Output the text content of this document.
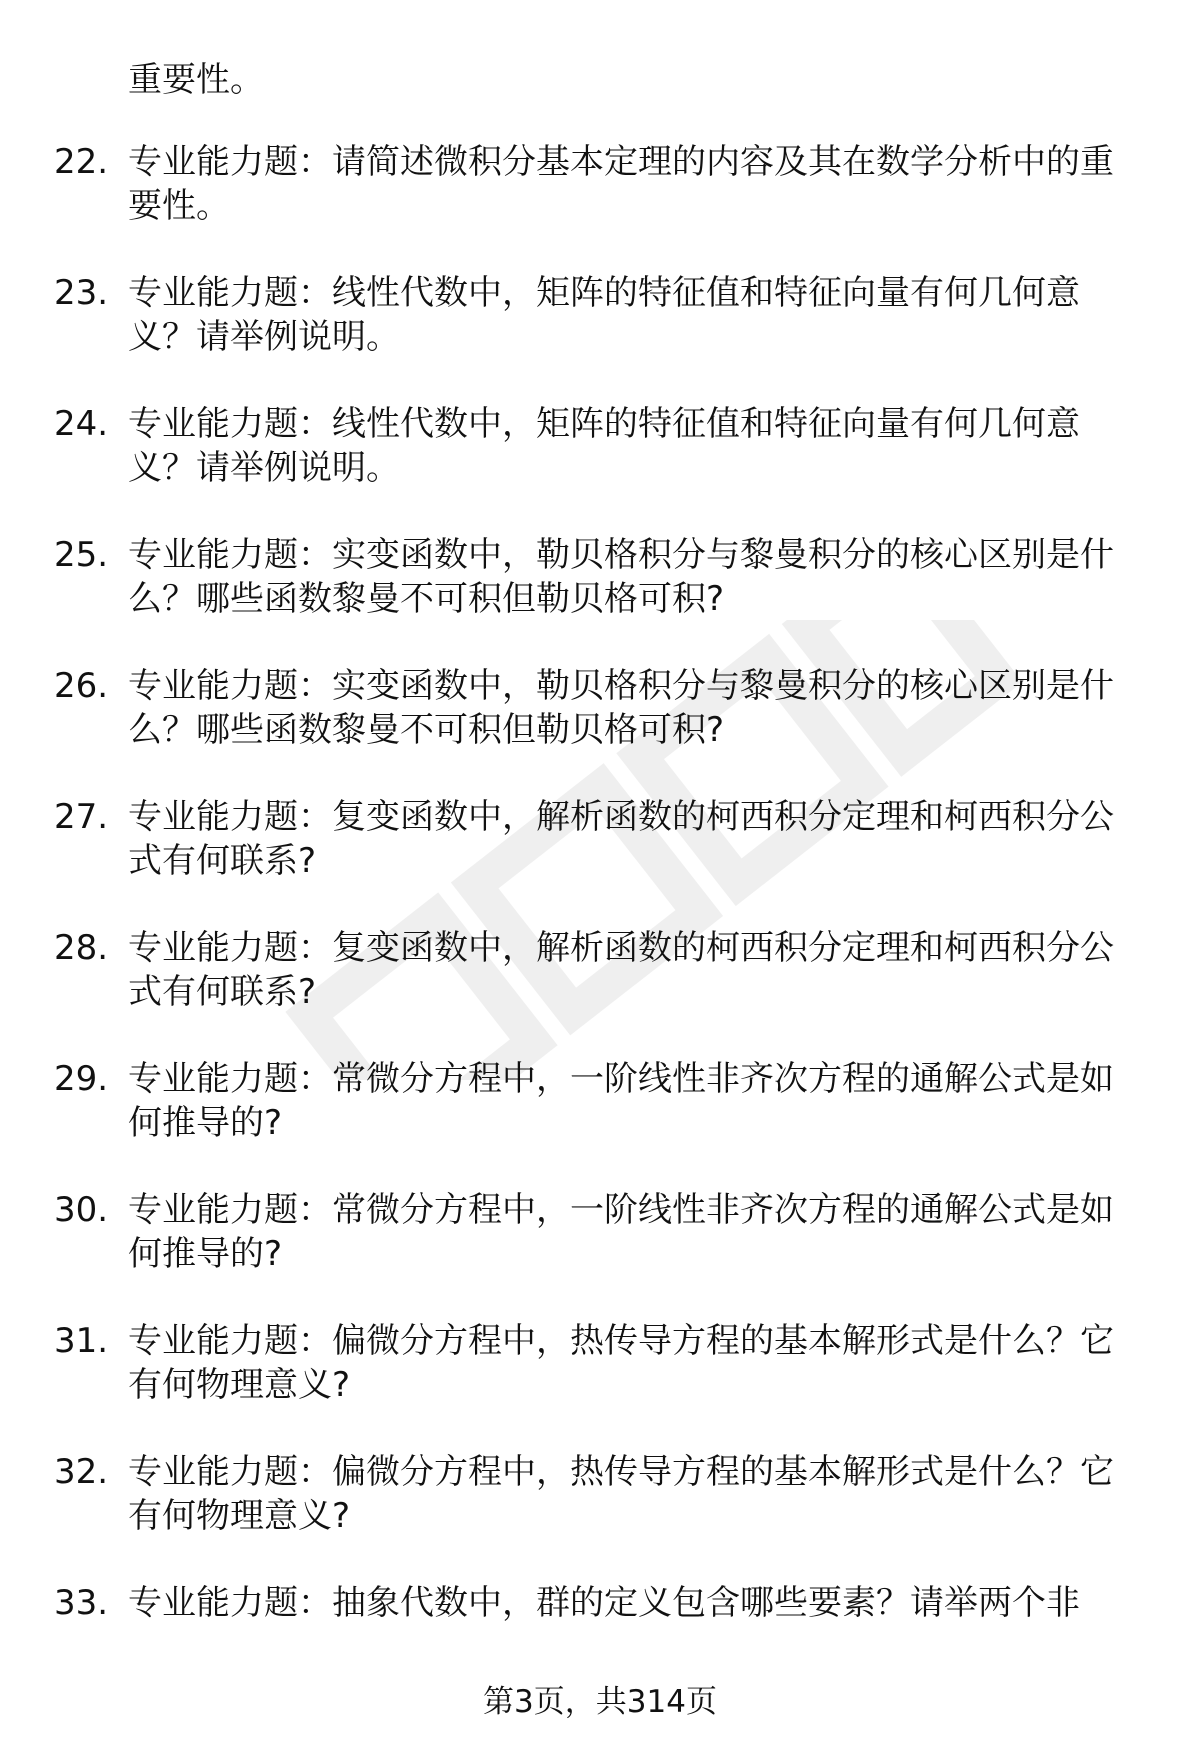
重要性。
22. 专业能力题：请简述微积分基本定理的内容及其在数学分析中的重要性。
23. 专业能力题：线性代数中，矩阵的特征值和特征向量有何几何意义？请举例说明。
24. 专业能力题：线性代数中，矩阵的特征值和特征向量有何几何意义？请举例说明。
25. 专业能力题：实变函数中，勒贝格积分与黎曼积分的核心区别是什么？哪些函数黎曼不可积但勒贝格可积?
26. 专业能力题：实变函数中，勒贝格积分与黎曼积分的核心区别是什么？哪些函数黎曼不可积但勒贝格可积?
27. 专业能力题：复变函数中，解析函数的柯西积分定理和柯西积分公式有何联系?
28. 专业能力题：复变函数中，解析函数的柯西积分定理和柯西积分公式有何联系?
29. 专业能力题：常微分方程中，一阶线性非齐次方程的通解公式是如何推导的?
30. 专业能力题：常微分方程中，一阶线性非齐次方程的通解公式是如何推导的?
31. 专业能力题：偏微分方程中，热传导方程的基本解形式是什么？它有何物理意义?
32. 专业能力题：偏微分方程中，热传导方程的基本解形式是什么？它有何物理意义?
33. 专业能力题：抽象代数中，群的定义包含哪些要素？请举两个非
第3页，共314页
